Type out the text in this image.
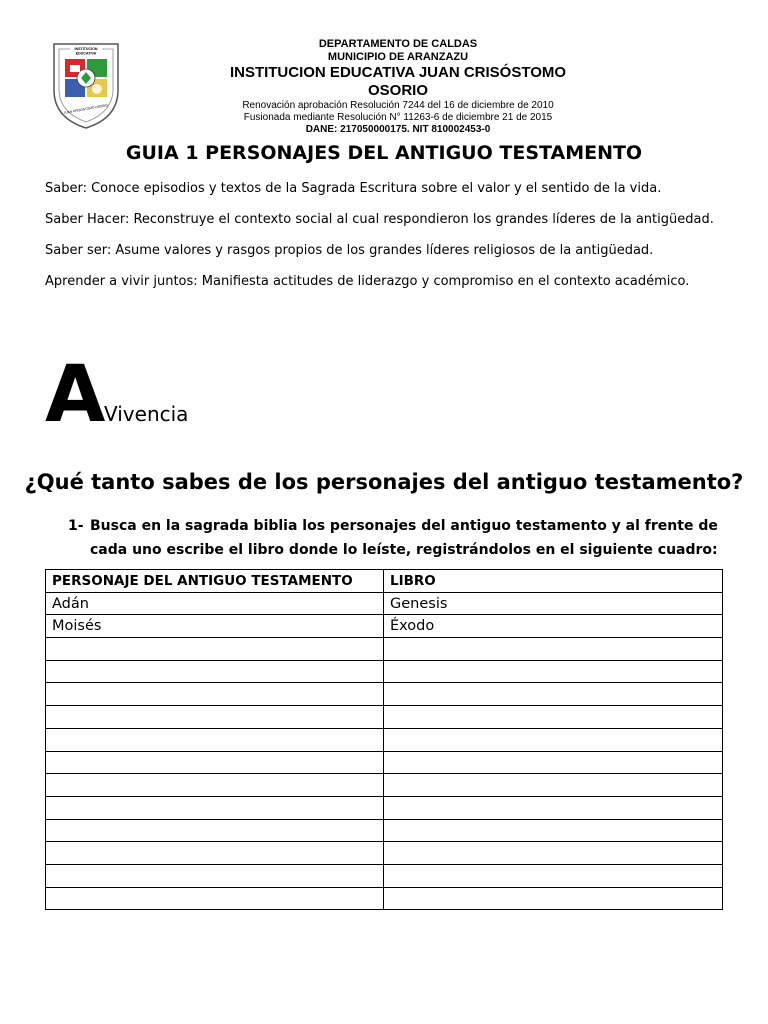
INSTITUCION
EDUCATIVA
JUAN CRISOSTOMO OSORIO
DEPARTAMENTO DE CALDAS
MUNICIPIO DE ARANZAZU
INSTITUCION EDUCATIVA JUAN CRISÓSTOMO OSORIO
Renovación aprobación Resolución 7244 del 16 de diciembre de 2010
Fusionada mediante Resolución N° 11263-6 de diciembre 21 de 2015
DANE: 217050000175. NIT 810002453-0
GUIA 1 PERSONAJES DEL ANTIGUO TESTAMENTO
Saber: Conoce episodios y textos de la Sagrada Escritura sobre el valor y el sentido de la vida.
Saber Hacer: Reconstruye el contexto social al cual respondieron los grandes líderes de la antigüedad.
Saber ser: Asume valores y rasgos propios de los grandes líderes religiosos de la antigüedad.
Aprender a vivir juntos: Manifiesta actitudes de liderazgo y compromiso en el contexto académico.
A Vivencia
¿Qué tanto sabes de los personajes del antiguo testamento?
1- Busca en la sagrada biblia los personajes del antiguo testamento y al frente de cada uno escribe el libro donde lo leíste, registrándolos en el siguiente cuadro:
PERSONAJE DEL ANTIGUO TESTAMENTO	LIBRO
Adán	Genesis
Moisés	Éxodo
